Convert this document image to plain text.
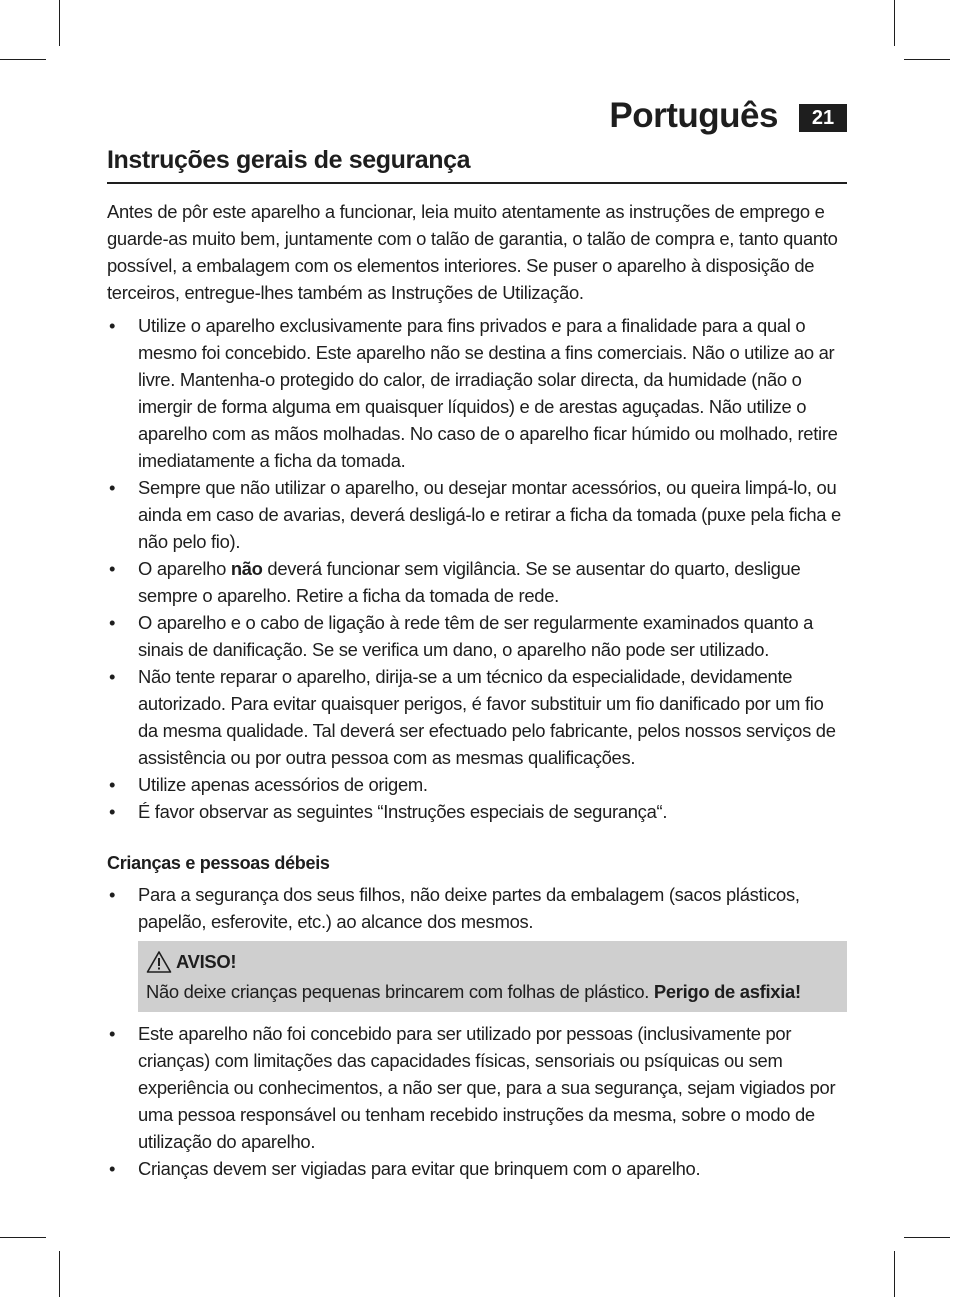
Português	21
Instruções gerais de segurança

Antes de pôr este aparelho a funcionar, leia muito atentamente as instruções de emprego e guarde-as muito bem, juntamente com o talão de garantia, o talão de compra e, tanto quanto possível, a embalagem com os elementos interiores. Se puser o aparelho à disposição de terceiros, entregue-lhes também as Instruções de Utilização.

• Utilize o aparelho exclusivamente para fins privados e para a finalidade para a qual o mesmo foi concebido. Este aparelho não se destina a fins comerciais. Não o utilize ao ar livre. Mantenha-o protegido do calor, de irradiação solar directa, da humidade (não o imergir de forma alguma em quaisquer líquidos) e de arestas aguçadas. Não utilize o aparelho com as mãos molhadas. No caso de o aparelho ficar húmido ou molhado, retire imediatamente a ficha da tomada.
• Sempre que não utilizar o aparelho, ou desejar montar acessórios, ou queira limpá-lo, ou ainda em caso de avarias, deverá desligá-lo e retirar a ficha da tomada (puxe pela ficha e não pelo fio).
• O aparelho não deverá funcionar sem vigilância. Se se ausentar do quarto, desligue sempre o aparelho. Retire a ficha da tomada de rede.
• O aparelho e o cabo de ligação à rede têm de ser regularmente examinados quanto a sinais de danificação. Se se verifica um dano, o aparelho não pode ser utilizado.
• Não tente reparar o aparelho, dirija-se a um técnico da especialidade, devidamente autorizado. Para evitar quaisquer perigos, é favor substituir um fio danificado por um fio da mesma qualidade. Tal deverá ser efectuado pelo fabricante, pelos nossos serviços de assistência ou por outra pessoa com as mesmas qualificações.
• Utilize apenas acessórios de origem.
• É favor observar as seguintes “Instruções especiais de segurança“.
Crianças e pessoas débeis
• Para a segurança dos seus filhos, não deixe partes da embalagem (sacos plásticos, papelão, esferovite, etc.) ao alcance dos mesmos.
AVISO!
Não deixe crianças pequenas brincarem com folhas de plástico. Perigo de asfixia!
• Este aparelho não foi concebido para ser utilizado por pessoas (inclusivamente por crianças) com limitações das capacidades físicas, sensoriais ou psíquicas ou sem experiência ou conhecimentos, a não ser que, para a sua segurança, sejam vigiados por uma pessoa responsável ou tenham recebido instruções da mesma, sobre o modo de utilização do aparelho.
• Crianças devem ser vigiadas para evitar que brinquem com o aparelho.
